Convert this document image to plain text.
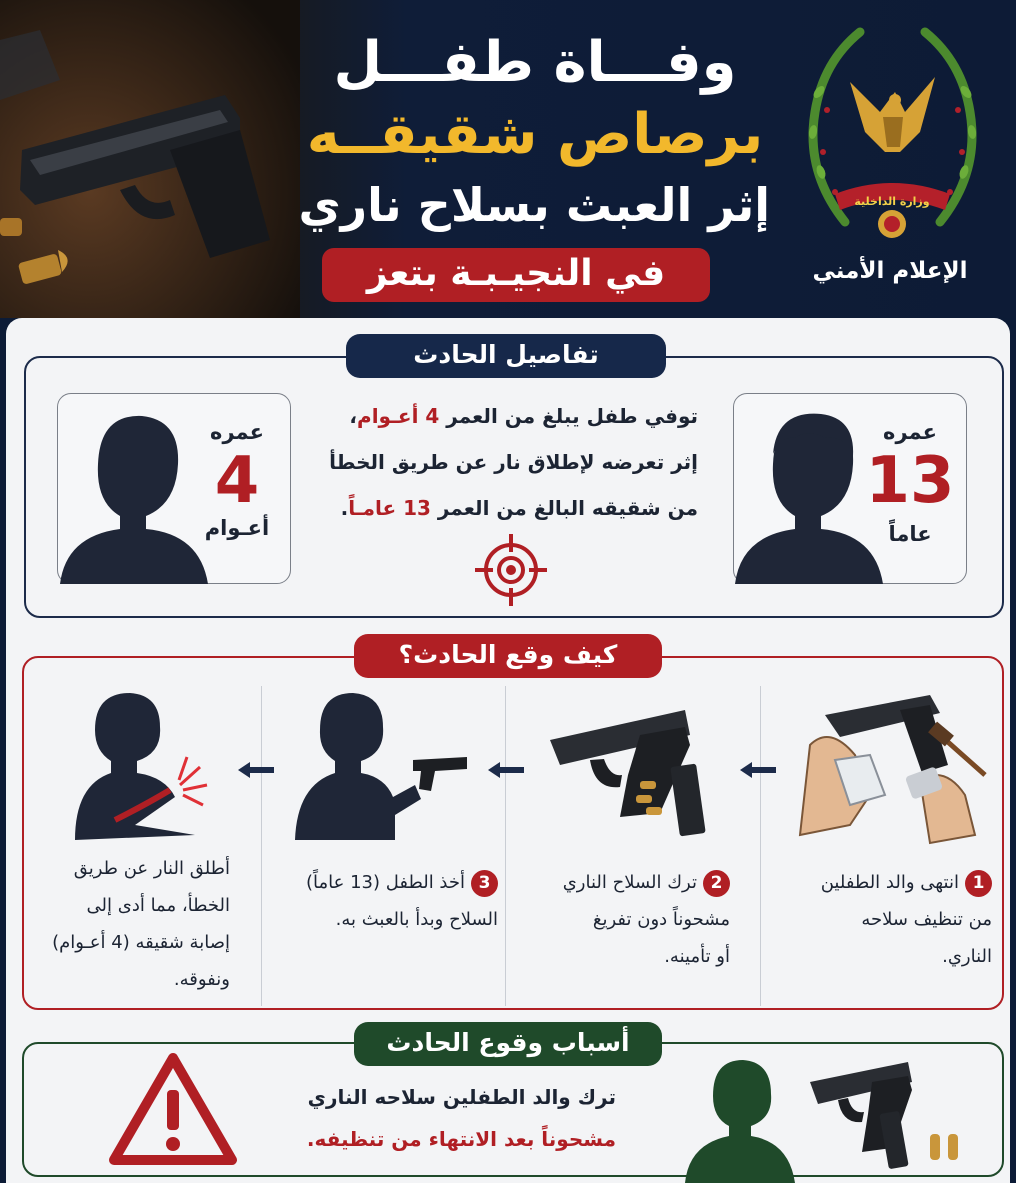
وفـــاة طفـــل
برصاص شقيقــه
إثر العبث بسلاح ناري
في النجيـبـة بتعز
وزارة الداخلية
الإعلام الأمني
تفاصيل الحادث
عمره
13
عاماً
عمره
4
أعـوام
توفي طفل يبلغ من العمر 4 أعـوام،
إثر تعرضه لإطلاق نار عن طريق الخطأ
من شقيقه البالغ من العمر 13 عامـاً.
كيف وقع الحادث؟
1انتهى والد الطفلين
من تنظيف سلاحه
الناري.
2ترك السلاح الناري
مشحوناً دون تفريغ
أو تأمينه.
3أخذ الطفل (13 عاماً)
السلاح وبدأ بالعبث به.
أطلق النار عن طريق
الخطأ، مما أدى إلى
إصابة شقيقه (4 أعـوام)
ونفوقه.
أسباب وقوع الحادث
ترك والد الطفلين سلاحه الناري
مشحوناً بعد الانتهاء من تنظيفه.
